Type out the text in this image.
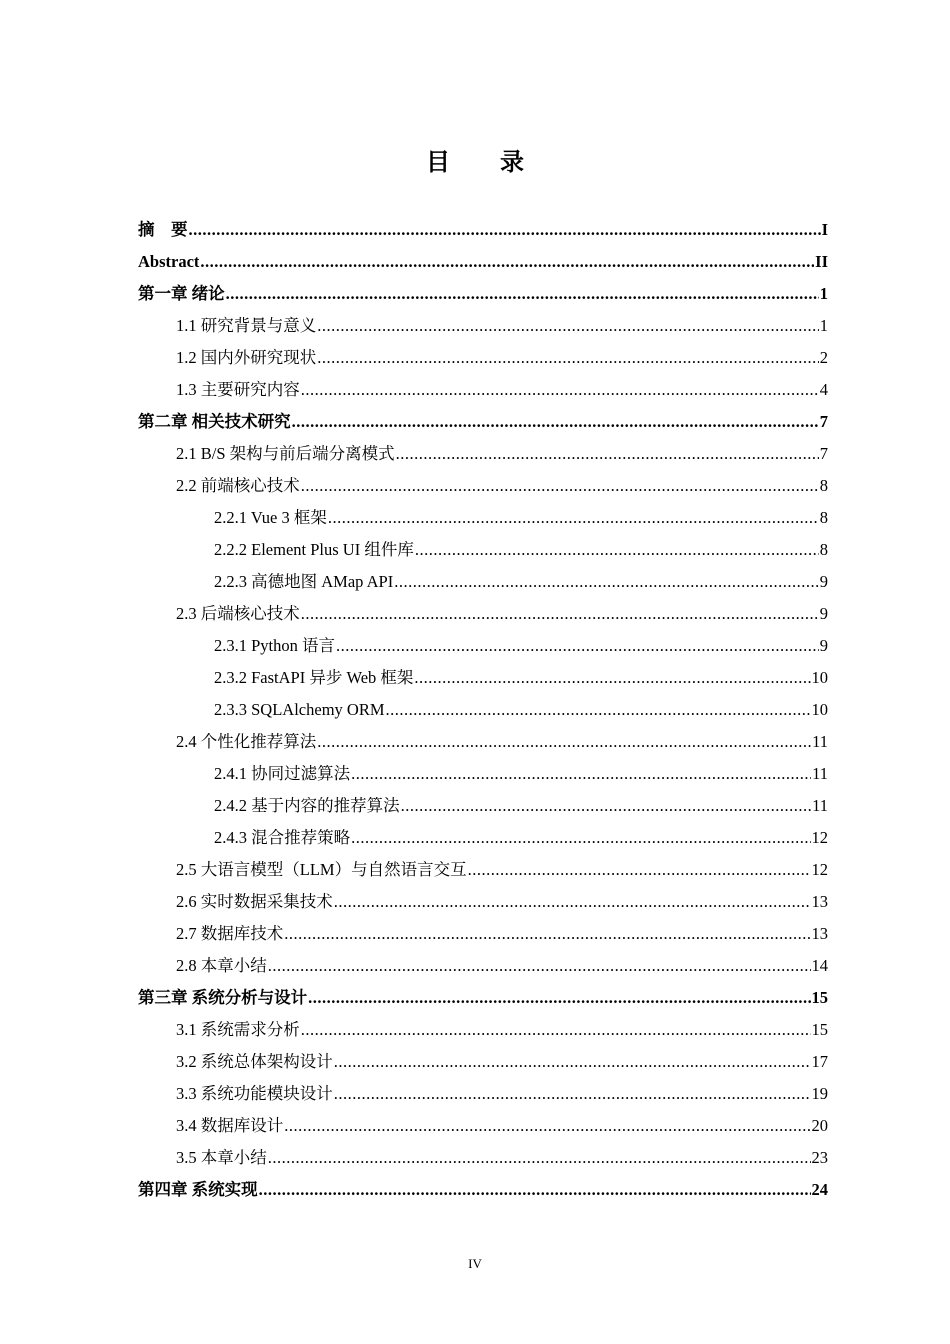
目 录
摘　要 .....	I
Abstract .....	II
第一章 绪论 .....	1
1.1 研究背景与意义 .....	1
1.2 国内外研究现状 .....	2
1.3 主要研究内容 .....	4
第二章 相关技术研究 .....	7
2.1 B/S 架构与前后端分离模式 .....	7
2.2 前端核心技术 .....	8
2.2.1 Vue 3 框架 .....	8
2.2.2 Element Plus UI 组件库 .....	8
2.2.3 高德地图 AMap API .....	9
2.3 后端核心技术 .....	9
2.3.1 Python 语言 .....	9
2.3.2 FastAPI 异步 Web 框架 .....	10
2.3.3 SQLAlchemy ORM .....	10
2.4 个性化推荐算法 .....	11
2.4.1 协同过滤算法 .....	11
2.4.2 基于内容的推荐算法 .....	11
2.4.3 混合推荐策略 .....	12
2.5 大语言模型（LLM）与自然语言交互 .....	12
2.6 实时数据采集技术 .....	13
2.7 数据库技术 .....	13
2.8 本章小结 .....	14
第三章 系统分析与设计 .....	15
3.1 系统需求分析 .....	15
3.2 系统总体架构设计 .....	17
3.3 系统功能模块设计 .....	19
3.4 数据库设计 .....	20
3.5 本章小结 .....	23
第四章 系统实现 .....	24
IV
